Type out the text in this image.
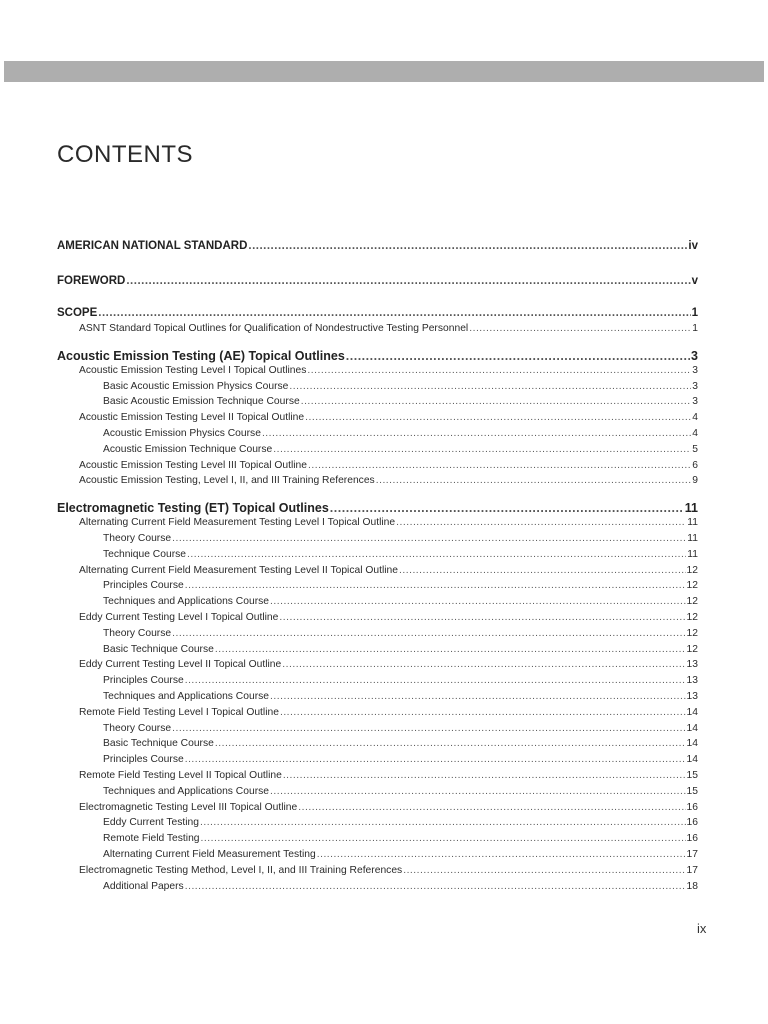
CONTENTS
AMERICAN NATIONAL STANDARD .....	iv
FOREWORD .....	v
SCOPE .....	1
ASNT Standard Topical Outlines for Qualification of Nondestructive Testing Personnel .....	1
Acoustic Emission Testing (AE) Topical Outlines .....	3
Acoustic Emission Testing Level I Topical Outlines .....	3
Basic Acoustic Emission Physics Course .....	3
Basic Acoustic Emission Technique Course .....	3
Acoustic Emission Testing Level II Topical Outline .....	4
Acoustic Emission Physics Course .....	4
Acoustic Emission Technique Course .....	5
Acoustic Emission Testing Level III Topical Outline .....	6
Acoustic Emission Testing, Level I, II, and III Training References .....	9
Electromagnetic Testing (ET) Topical Outlines .....	11
Alternating Current Field Measurement Testing Level I Topical Outline .....	11
Theory Course .....	11
Technique Course .....	11
Alternating Current Field Measurement Testing Level II Topical Outline .....	12
Principles Course .....	12
Techniques and Applications Course .....	12
Eddy Current Testing Level I Topical Outline .....	12
Theory Course .....	12
Basic Technique Course .....	12
Eddy Current Testing Level II Topical Outline .....	13
Principles Course .....	13
Techniques and Applications Course .....	13
Remote Field Testing Level I Topical Outline .....	14
Theory Course .....	14
Basic Technique Course .....	14
Principles Course .....	14
Remote Field Testing Level II Topical Outline .....	15
Techniques and Applications Course .....	15
Electromagnetic Testing Level III Topical Outline .....	16
Eddy Current Testing .....	16
Remote Field Testing .....	16
Alternating Current Field Measurement Testing .....	17
Electromagnetic Testing Method, Level I, II, and III Training References .....	17
Additional Papers .....	18
ix
